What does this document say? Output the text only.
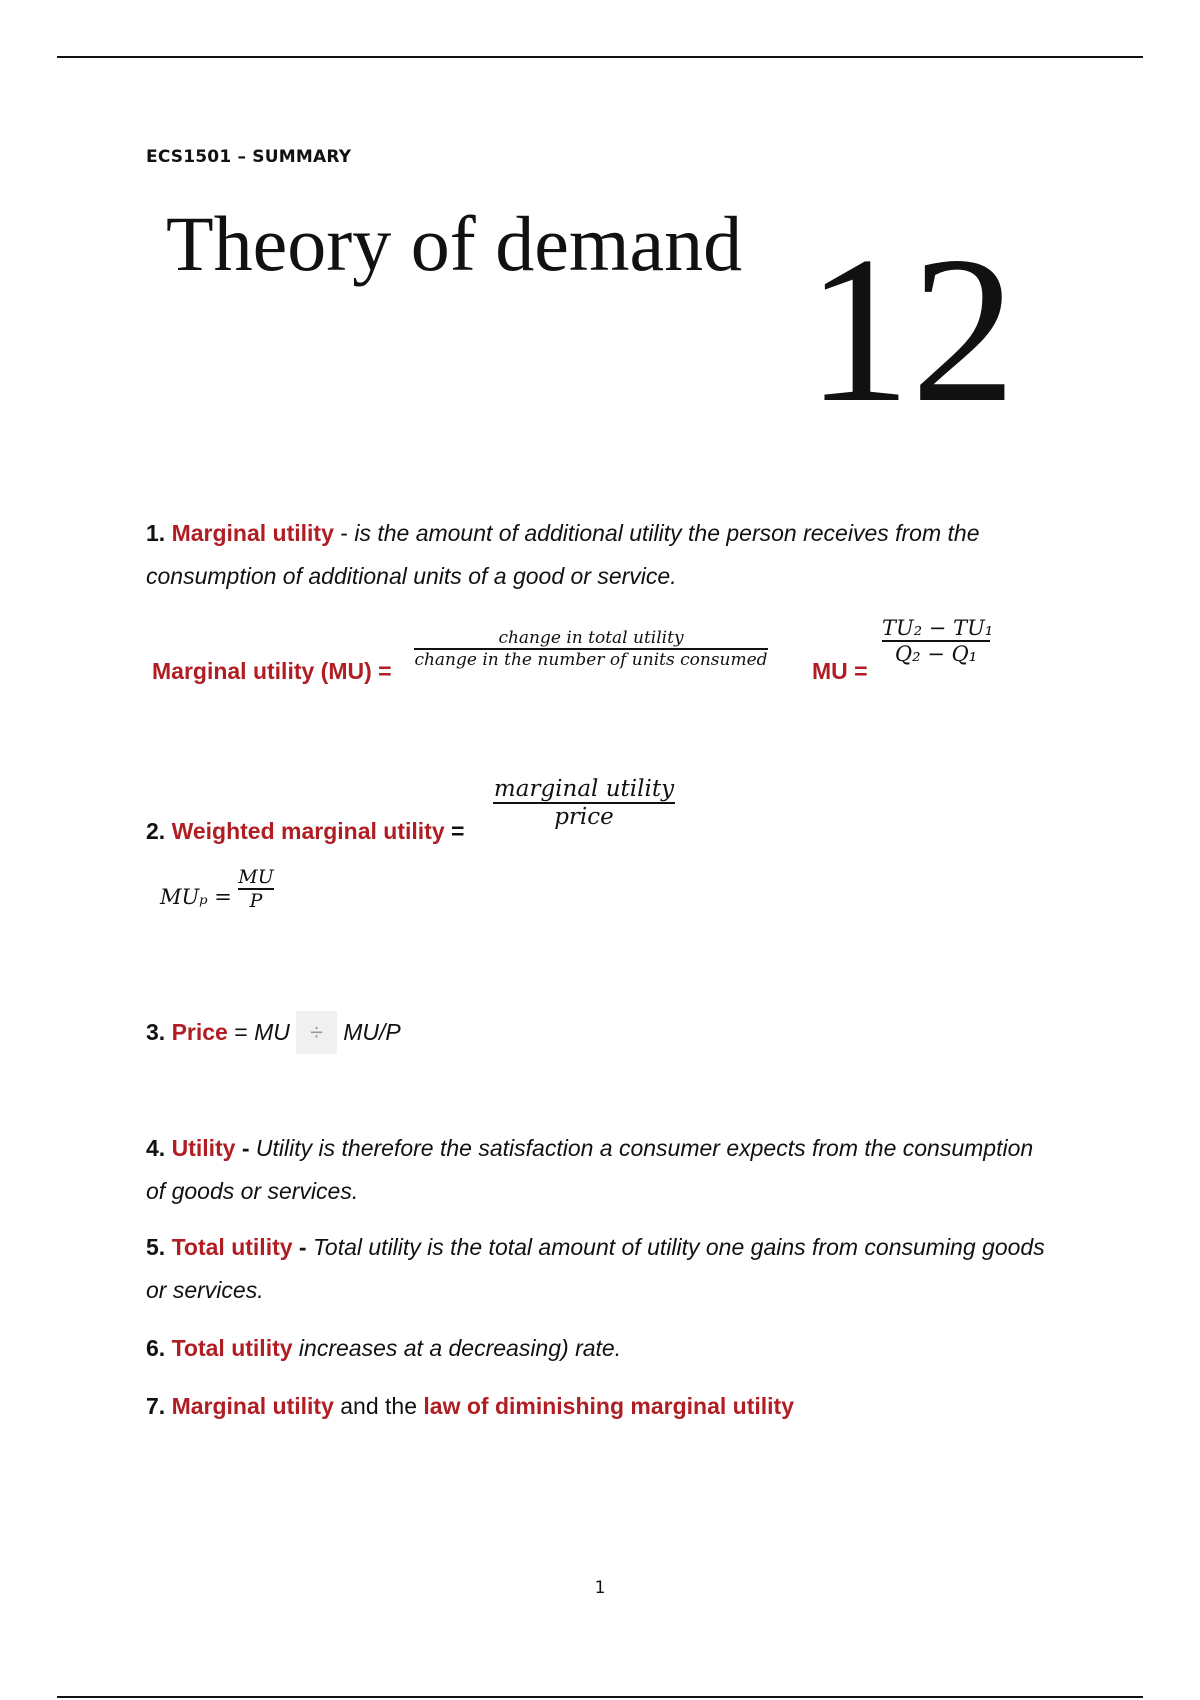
ECS1501 – SUMMARY
Theory of demand 12
1. Marginal utility - is the amount of additional utility the person receives from the consumption of additional units of a good or service.
Marginal utility (MU) =
change in total utility
change in the number of units consumed MU =
TU₂ − TU₁
Q₂ − Q₁
2. Weighted marginal utility =
marginal utility
price
MUₚ =
MU
P
3. Price = MU ÷ MU/P
4. Utility - Utility is therefore the satisfaction a consumer expects from the consumption of goods or services.
5. Total utility - Total utility is the total amount of utility one gains from consuming goods or services.
6. Total utility increases at a decreasing) rate.
7. Marginal utility and the law of diminishing marginal utility
1
